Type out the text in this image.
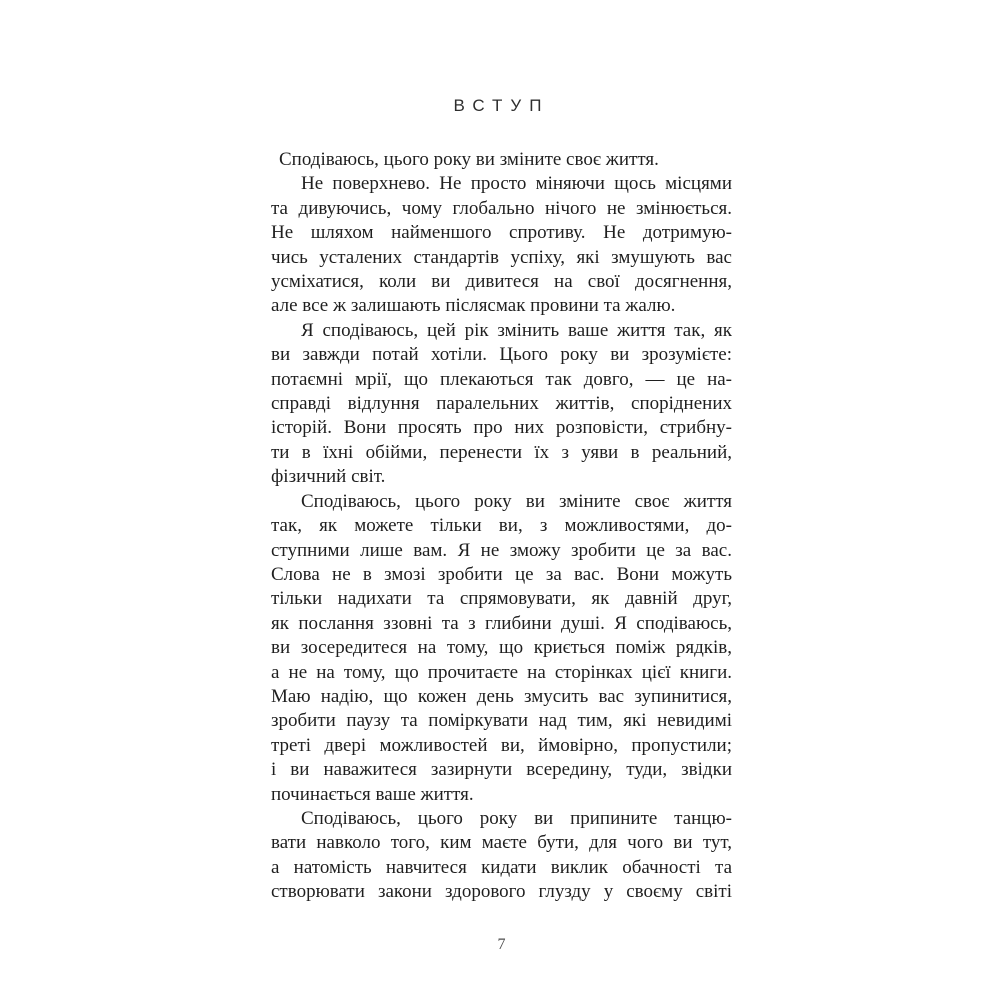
ВСТУП
Сподіваюсь, цього року ви зміните своє життя.
Не поверхнево. Не просто міняючи щось місцями
та дивуючись, чому глобально нічого не змінюється.
Не шляхом найменшого спротиву. Не дотримую-
чись усталених стандартів успіху, які змушують вас
усміхатися, коли ви дивитеся на свої досягнення,
але все ж залишають післясмак провини та жалю.
Я сподіваюсь, цей рік змінить ваше життя так, як
ви завжди потай хотіли. Цього року ви зрозумієте:
потаємні мрії, що плекаються так довго, — це на-
справді відлуння паралельних життів, споріднених
історій. Вони просять про них розповісти, стрибну-
ти в їхні обійми, перенести їх з уяви в реальний,
фізичний світ.
Сподіваюсь, цього року ви зміните своє життя
так, як можете тільки ви, з можливостями, до-
ступними лише вам. Я не зможу зробити це за вас.
Слова не в змозі зробити це за вас. Вони можуть
тільки надихати та спрямовувати, як давній друг,
як послання ззовні та з глибини душі. Я сподіваюсь,
ви зосередитеся на тому, що криється поміж рядків,
а не на тому, що прочитаєте на сторінках цієї книги.
Маю надію, що кожен день змусить вас зупинитися,
зробити паузу та поміркувати над тим, які невидимі
треті двері можливостей ви, ймовірно, пропустили;
і ви наважитеся зазирнути всередину, туди, звідки
починається ваше життя.
Сподіваюсь, цього року ви припините танцю-
вати навколо того, ким маєте бути, для чого ви тут,
а натомість навчитеся кидати виклик обачності та
створювати закони здорового глузду у своєму світі
7
